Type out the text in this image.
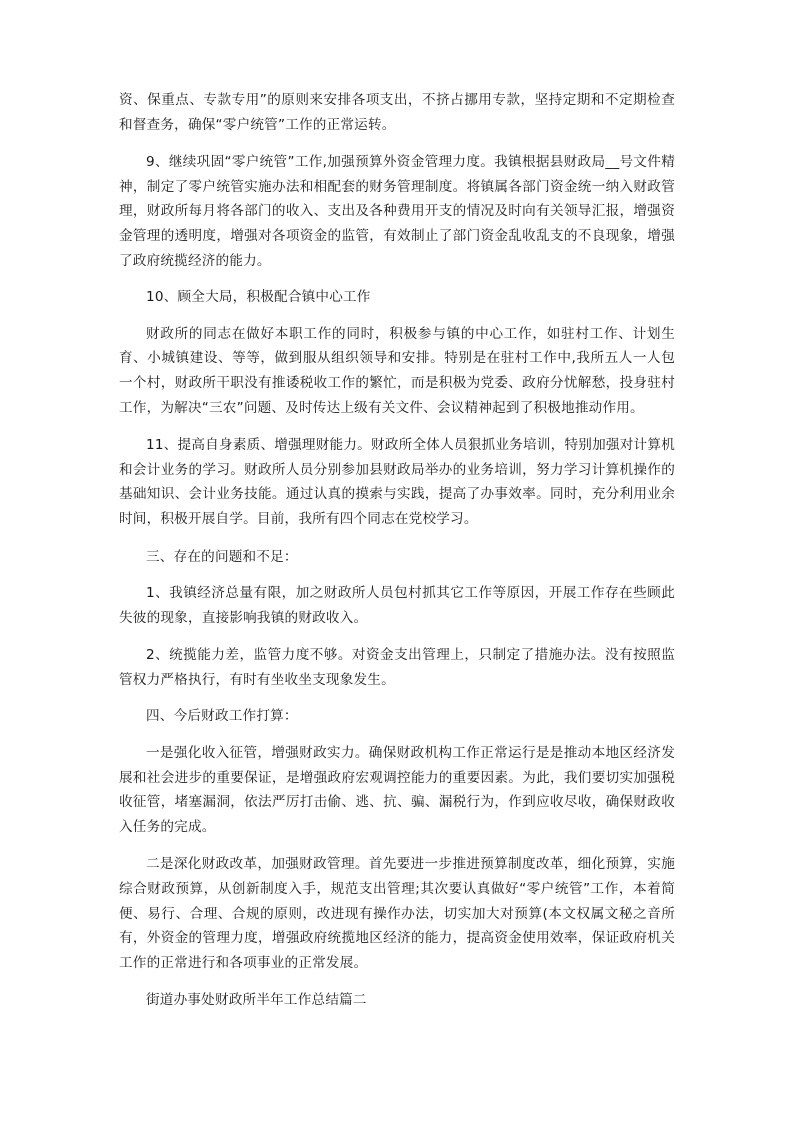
资、保重点、专款专用”的原则来安排各项支出，不挤占挪用专款，坚持定期和不定期检查和督查务，确保“零户统管”工作的正常运转。

9、继续巩固“零户统管”工作,加强预算外资金管理力度。我镇根据县财政局__号文件精神，制定了零户统管实施办法和相配套的财务管理制度。将镇属各部门资金统一纳入财政管理，财政所每月将各部门的收入、支出及各种费用开支的情况及时向有关领导汇报，增强资金管理的透明度，增强对各项资金的监管，有效制止了部门资金乱收乱支的不良现象，增强了政府统揽经济的能力。

10、顾全大局，积极配合镇中心工作

财政所的同志在做好本职工作的同时，积极参与镇的中心工作，如驻村工作、计划生育、小城镇建设、等等，做到服从组织领导和安排。特别是在驻村工作中,我所五人一人包一个村，财政所干职没有推诿税收工作的繁忙，而是积极为党委、政府分忧解愁，投身驻村工作，为解决“三农”问题、及时传达上级有关文件、会议精神起到了积极地推动作用。

11、提高自身素质、增强理财能力。财政所全体人员狠抓业务培训，特别加强对计算机和会计业务的学习。财政所人员分别参加县财政局举办的业务培训，努力学习计算机操作的基础知识、会计业务技能。通过认真的摸索与实践，提高了办事效率。同时，充分利用业余时间，积极开展自学。目前，我所有四个同志在党校学习。

三、存在的问题和不足：

1、我镇经济总量有限，加之财政所人员包村抓其它工作等原因，开展工作存在些顾此失彼的现象，直接影响我镇的财政收入。

2、统揽能力差，监管力度不够。对资金支出管理上，只制定了措施办法。没有按照监管权力严格执行，有时有坐收坐支现象发生。

四、今后财政工作打算：

一是强化收入征管，增强财政实力。确保财政机构工作正常运行是是推动本地区经济发展和社会进步的重要保证，是增强政府宏观调控能力的重要因素。为此，我们要切实加强税收征管，堵塞漏洞，依法严厉打击偷、逃、抗、骗、漏税行为，作到应收尽收，确保财政收入任务的完成。

二是深化财政改革，加强财政管理。首先要进一步推进预算制度改革，细化预算，实施综合财政预算，从创新制度入手，规范支出管理;其次要认真做好“零户统管”工作，本着简便、易行、合理、合规的原则，改进现有操作办法，切实加大对预算(本文权属文秘之音所有，外资金的管理力度，增强政府统揽地区经济的能力，提高资金使用效率，保证政府机关工作的正常进行和各项事业的正常发展。

街道办事处财政所半年工作总结篇二
